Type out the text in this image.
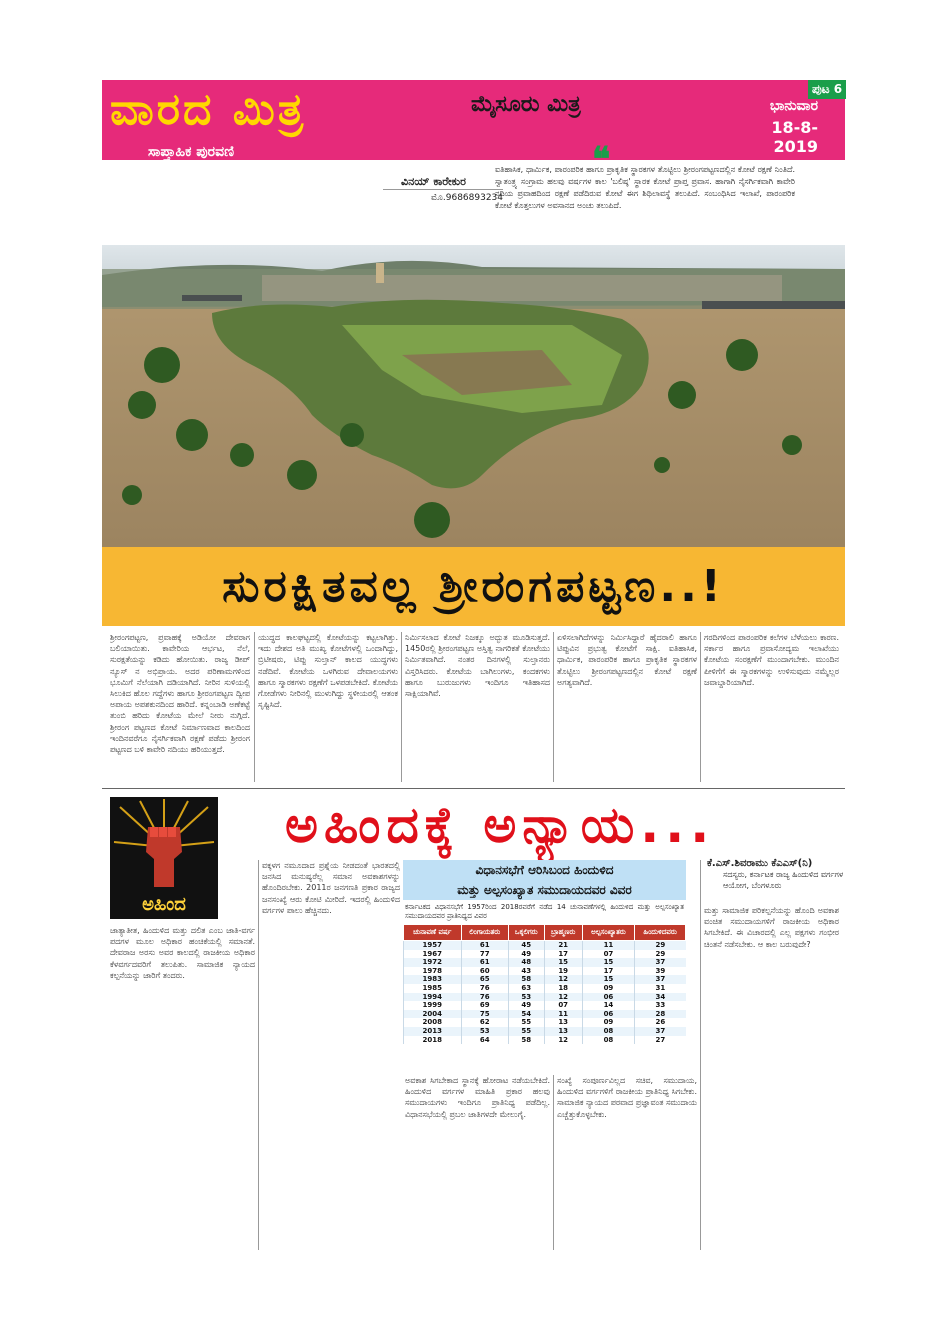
ವಾರದ ಮಿತ್ರ
ಸಾಪ್ತಾಹಿಕ ಪುರವಣಿ
ಮೈಸೂರು ಮಿತ್ರ
ಪುಟ 6
ಭಾನುವಾರ
18-8-2019
ವಿನಯ್ ಕಾರೇಕುರ
ಮೊ.9686893234
❝
ಐತಿಹಾಸಿಕ, ಧಾರ್ಮಿಕ, ಪಾರಂಪರಿಕ ಹಾಗೂ ಪ್ರಾಕೃತಿಕ ಸ್ಥಾರಕಗಳ ತೊಟ್ಟಿಲು ಶ್ರೀರಂಗಪಟ್ಟಣದಲ್ಲಿನ ಕೋಟೆ ರಕ್ಷಣೆ ನಿಂತಿದೆ. ಸ್ವಾತಂತ್ರ್ಯ ಸಂಗ್ರಾಮ ಹಲವು ವರ್ಷಗಳ ಕಾಲ 'ಬಲಿಷ್ಠ' ಸ್ಥಾರಕ ಕೋಟೆ ಪ್ರಾಪ್ತ ಪ್ರವಾಸ. ಹಾಗಾಗಿ ನೈಸರ್ಗಿಕವಾಗಿ ಕಾವೇರಿ ನದಿಯ ಪ್ರವಾಹದಿಂದ ರಕ್ಷಣೆ ಪಡೆದಿರುವ ಕೋಟೆ ಈಗ ಶಿಥಿಲಾವಸ್ಥೆ ತಲುಪಿದೆ. ಸಂಬಂಧಿಸಿದ ಇಲಾಖೆ, ಪಾರಂಪರಿಕ ಕೋಟೆ ಕೊತ್ತಲುಗಳ ಅವಸಾನದ ಅಂಚು ತಲುಪಿದೆ.
ಸುರಕ್ಷಿತವಲ್ಲ ಶ್ರೀರಂಗಪಟ್ಟಣ..!

ಶ್ರೀರಂಗಪಟ್ಟಣ, ಪ್ರವಾಹಕ್ಕೆ ಅಡಿಯೋ ದೇವರಾಗ ಬಲಿಯಾಯಿತು. ಕಾವೇರಿಯ ಆರ್ಭಟ, ನೆಲೆ, ಸುರಕ್ಷತೆಯನ್ನು ಕಡಿದು ಹೋಯಿತು. ರಾಜ್ಯ ಡೀಪ್ ನ್ಯೂಸ್ ನ ಅಭಿಪ್ರಾಯ. ಅದರ ಪರಿಣಾಮಗಳಿಂದ ಭೂಮಿಗೆ ನೆಲೆಯಾಗಿ ದಡಿಯಾಗಿದೆ. ನೀರಿನ ಸುಳಿಯಲ್ಲಿ ಸಿಲುಕಿದ ಹೊಲ ಗದ್ದೆಗಳು ಹಾಗೂ ಶ್ರೀರಂಗಪಟ್ಟಣ ದ್ವೀಪ ಅಪಾಯ ಅಪಶಕುನದಿಂದ ಹಾರಿದೆ. ಕನ್ನಂಬಾಡಿ ಅಣೆಕಟ್ಟೆ ತುಂಬಿ ಹರಿದು ಕೋಟೆಯ ಮೇಲೆ ನೀರು ನುಗ್ಗಿದೆ. ಶ್ರೀರಂಗ ಪಟ್ಟಣದ ಕೋಟೆ ನಿರ್ಮಾಣವಾದ ಕಾಲದಿಂದ ಇಂದಿನವರೆಗೂ ನೈಸರ್ಗಿಕವಾಗಿ ರಕ್ಷಣೆ ಪಡೆದು ಶ್ರೀರಂಗ ಪಟ್ಟಣದ ಬಳಿ ಕಾವೇರಿ ನದಿಯು ಹರಿಯುತ್ತದೆ.

ಯುದ್ಧದ ಕಾಲಘಟ್ಟದಲ್ಲಿ ಕೋಟೆಯನ್ನು ಕಟ್ಟಲಾಗಿತ್ತು. ಇದು ದೇಶದ ಅತಿ ಮುಖ್ಯ ಕೋಟೆಗಳಲ್ಲಿ ಒಂದಾಗಿದ್ದು, ಬ್ರಿಟೀಷರು, ಟಿಪ್ಪು ಸುಲ್ತಾನ್ ಕಾಲದ ಯುದ್ಧಗಳು ನಡೆದಿವೆ. ಕೋಟೆಯ ಒಳಗಿರುವ ದೇವಾಲಯಗಳು ಹಾಗೂ ಸ್ಮಾರಕಗಳು ರಕ್ಷಣೆಗೆ ಒಳಪಡಬೇಕಿದೆ. ಕೋಟೆಯ ಗೋಡೆಗಳು ನೀರಿನಲ್ಲಿ ಮುಳುಗಿದ್ದು ಸ್ಥಳೀಯರಲ್ಲಿ ಆತಂಕ ಸೃಷ್ಟಿಸಿದೆ.

ನಿರ್ಮಿಸಲಾದ ಕೋಟೆ ನಿಜಕ್ಕೂ ಅದ್ಭುತ ಮೂಡಿಸುತ್ತದೆ. 1450ರಲ್ಲಿ ಶ್ರೀರಂಗಪಟ್ಟಣ ಅಸ್ತಿತ್ವ ನಾಗರಿಕತೆ ಕೋಟೆಯು ನಿರ್ಮಿತವಾಗಿದೆ. ನಂತರ ದಿನಗಳಲ್ಲಿ ಸುಲ್ತಾನರು ವಿಸ್ತರಿಸಿದರು. ಕೋಟೆಯ ಬಾಗಿಲುಗಳು, ಕಂದಕಗಳು ಹಾಗೂ ಬುರುಜುಗಳು ಇಂದಿಗೂ ಇತಿಹಾಸದ ಸಾಕ್ಷಿಯಾಗಿವೆ.

ಏಳಿಸಲಾಗಿದೆಗಳನ್ನು ನಿರ್ಮಿಸಿದ್ದಾರೆ ಹೈದರಾಲಿ ಹಾಗೂ ಟಿಪ್ಪುವಿನ ಪ್ರಭುತ್ವ ಕೋಟೆಗೆ ಸಾಕ್ಷಿ. ಐತಿಹಾಸಿಕ, ಧಾರ್ಮಿಕ, ಪಾರಂಪರಿಕ ಹಾಗೂ ಪ್ರಾಕೃತಿಕ ಸ್ಥಾರಕಗಳ ತೊಟ್ಟಿಲು ಶ್ರೀರಂಗಪಟ್ಟಣದಲ್ಲಿನ ಕೋಟೆ ರಕ್ಷಣೆ ಅಗತ್ಯವಾಗಿದೆ.

ಗರದಿಗಳಿಂದ ಪಾರಂಪರಿಕ ಕಲೆಗಳ ಬೆಳೆಯಲು ಕಾರಣ. ಸರ್ಕಾರ ಹಾಗೂ ಪ್ರವಾಸೋದ್ಯಮ ಇಲಾಖೆಯು ಕೋಟೆಯ ಸಂರಕ್ಷಣೆಗೆ ಮುಂದಾಗಬೇಕು. ಮುಂದಿನ ಪೀಳಿಗೆಗೆ ಈ ಸ್ಮಾರಕಗಳನ್ನು ಉಳಿಸುವುದು ನಮ್ಮೆಲ್ಲರ ಜವಾಬ್ದಾರಿಯಾಗಿದೆ.

ಅಹಿಂದ
ಅಹಿಂದಕ್ಕೆ ಅನ್ಯಾಯ...
ಕೆ.ಎಸ್.ಶಿವರಾಮು ಕೆಎಎಸ್(ನಿ)
ಸದಸ್ಯರು, ಕರ್ನಾಟಕ ರಾಜ್ಯ ಹಿಂದುಳಿದ ವರ್ಗಗಳ ಆಯೋಗ, ಬೆಂಗಳೂರು
ವಿಧಾನಸಭೆಗೆ ಆರಿಸಿಬಂದ ಹಿಂದುಳಿದ
ಮತ್ತು ಅಲ್ಪಸಂಖ್ಯಾತ ಸಮುದಾಯದವರ ವಿವರ
ಕರ್ನಾಟಕದ ವಿಧಾನಸಭೆಗೆ 1957ರಿಂದ 2018ರವರೆಗೆ ನಡೆದ 14 ಚುನಾವಣೆಗಳಲ್ಲಿ ಹಿಂದುಳಿದ ಮತ್ತು ಅಲ್ಪಸಂಖ್ಯಾತ ಸಮುದಾಯದವರ ಪ್ರಾತಿನಿಧ್ಯದ ವಿವರ
ಚುನಾವಣೆ ವರ್ಷ	ಲಿಂಗಾಯತರು	ಒಕ್ಕಲಿಗರು	ಬ್ರಾಹ್ಮಣರು	ಅಲ್ಪಸಂಖ್ಯಾತರು	ಹಿಂದುಳಿದವರು
1957	61	45	21	11	29
1967	77	49	17	07	29
1972	61	48	15	15	37
1978	60	43	19	17	39
1983	65	58	12	15	37
1985	76	63	18	09	31
1994	76	53	12	06	34
1999	69	49	07	14	33
2004	75	54	11	06	28
2008	62	55	13	09	26
2013	53	55	13	08	37
2018	64	58	12	08	27

ಜಾತ್ಯಾತೀತ, ಹಿಂದುಳಿದ ಮತ್ತು ದಲಿತ ಎಂಬ ಜಾತಿ-ವರ್ಗ ಪದಗಳ ಮೂಲ ಅಧಿಕಾರ ಹಂಚಿಕೆಯಲ್ಲಿ ಸಮಾನತೆ. ದೇವರಾಜ ಅರಸು ಅವರ ಕಾಲದಲ್ಲಿ ರಾಜಕೀಯ ಅಧಿಕಾರ ಕೆಳವರ್ಗದವರಿಗೆ ತಲುಪಿತು. ಸಾಮಾಜಿಕ ನ್ಯಾಯದ ಕಲ್ಪನೆಯನ್ನು ಜಾರಿಗೆ ತಂದರು.

ವಕ್ಕಳಗ ನಮೂದಾದ ಪ್ರಶ್ನೆಯ ನೀಡದಂತೆ ಭಾರತದಲ್ಲಿ ಜನಸಿದ ಮನುಷ್ಯರೆಲ್ಲ ಸಮಾನ ಅವಕಾಶಗಳನ್ನು ಹೊಂದಿರಬೇಕು. 2011ರ ಜನಗಣತಿ ಪ್ರಕಾರ ರಾಜ್ಯದ ಜನಸಂಖ್ಯೆ ಆರು ಕೋಟಿ ಮೀರಿದೆ. ಇದರಲ್ಲಿ ಹಿಂದುಳಿದ ವರ್ಗಗಳ ಪಾಲು ಹೆಚ್ಚಿನದು.

ಅವಕಾಶ ಸಿಗಬೇಕಾದ ಸ್ಥಾನಕ್ಕೆ ಹೋರಾಟ ನಡೆಯಬೇಕಿದೆ. ಹಿಂದುಳಿದ ವರ್ಗಗಳ ಮಾಹಿತಿ ಪ್ರಕಾರ ಹಲವು ಸಮುದಾಯಗಳು ಇಂದಿಗೂ ಪ್ರಾತಿನಿಧ್ಯ ಪಡೆದಿಲ್ಲ. ವಿಧಾನಸಭೆಯಲ್ಲಿ ಪ್ರಬಲ ಜಾತಿಗಳದೇ ಮೇಲುಗೈ.

ಸಂಖ್ಯೆ ಸಂಪೂರ್ಣವಿಲ್ಲದ ಸಚಿವ, ಸಮುದಾಯ, ಹಿಂದುಳಿದ ವರ್ಗಗಳಿಗೆ ರಾಜಕೀಯ ಪ್ರಾತಿನಿಧ್ಯ ಸಿಗಬೇಕು. ಸಾಮಾಜಿಕ ನ್ಯಾಯದ ಪರವಾದ ಪ್ರಜ್ಞಾವಂತ ಸಮುದಾಯ ಎಚ್ಚೆತ್ತುಕೊಳ್ಳಬೇಕು.

ಮತ್ತು ಸಾಮಾಜಿಕ ಪರಿಕಲ್ಪನೆಯನ್ನು ಹೊಂದಿ ಅವಕಾಶ ವಂಚಿತ ಸಮುದಾಯಗಳಿಗೆ ರಾಜಕೀಯ ಅಧಿಕಾರ ಸಿಗಬೇಕಿದೆ. ಈ ವಿಚಾರದಲ್ಲಿ ಎಲ್ಲ ಪಕ್ಷಗಳು ಗಂಭೀರ ಚಿಂತನೆ ನಡೆಸಬೇಕು. ಆ ಕಾಲ ಬರುವುದೇ?
